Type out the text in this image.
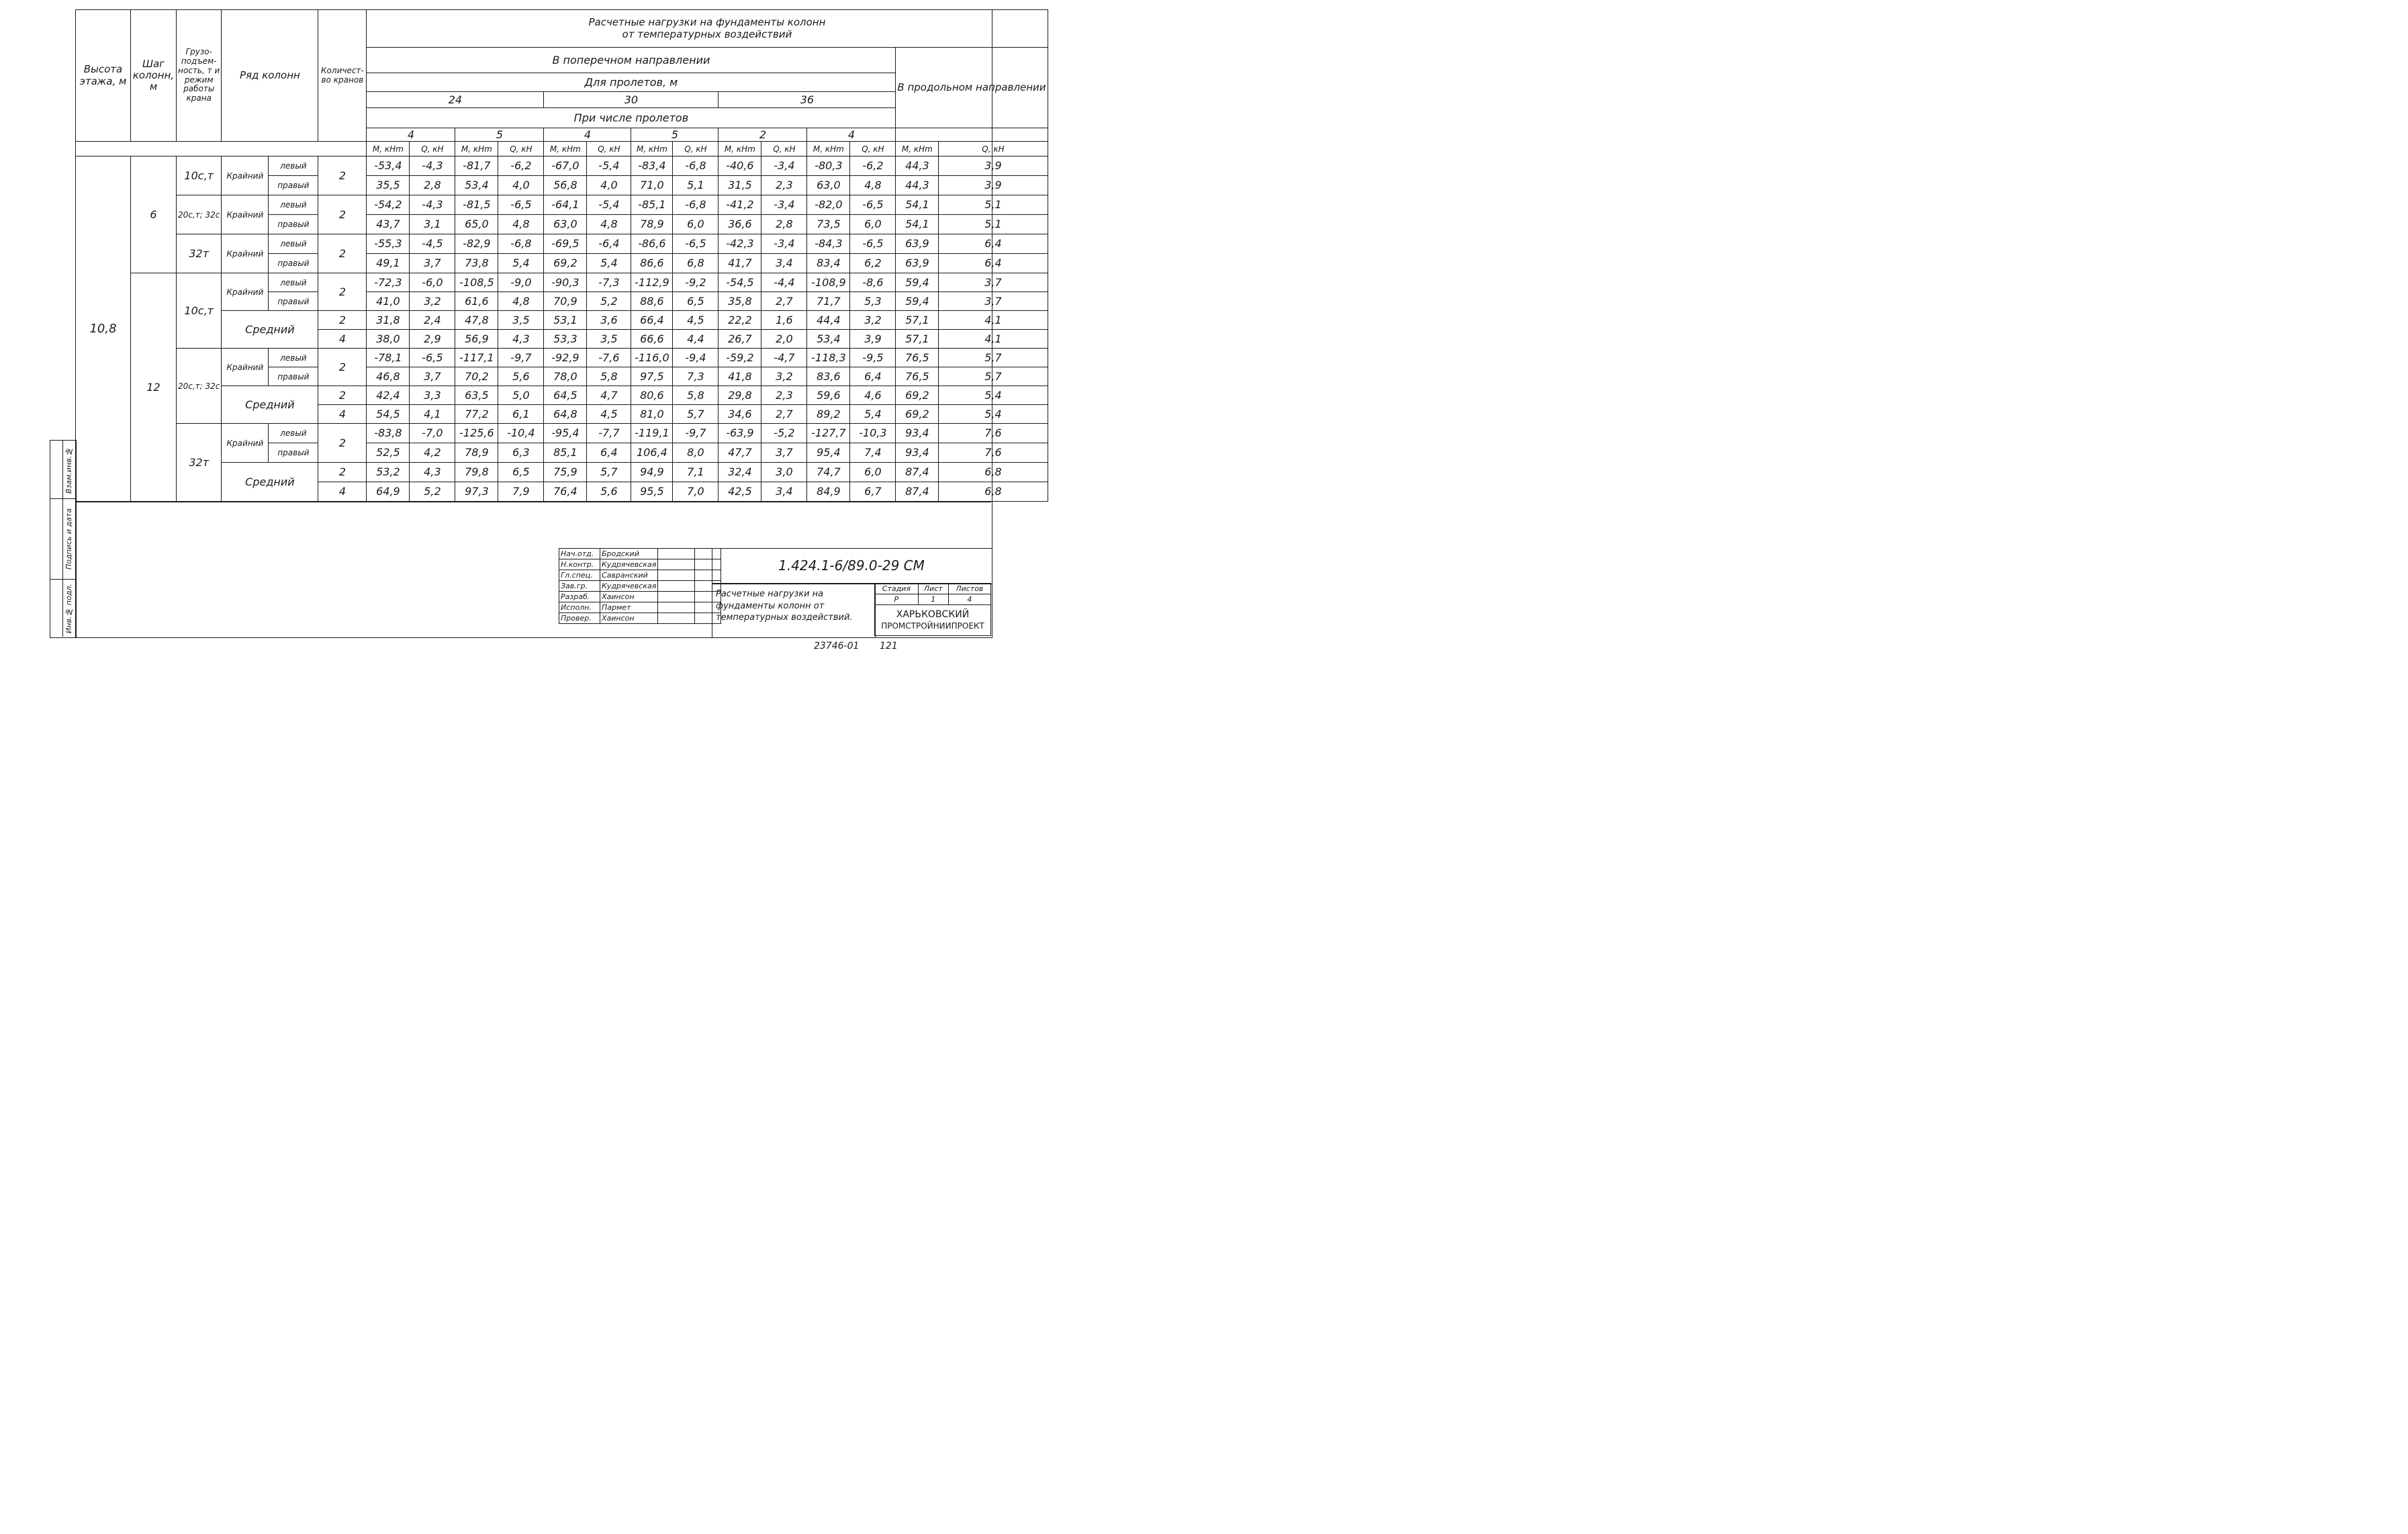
Взам.инв.№
Подпись и дата
Инв.№ подл.
Высота этажа, м	Шаг колонн, м	Грузо-подъем-ность, т и режим работы крана	Ряд колонн		Количест-во кранов	Расчетные нагрузки на фундаменты колонн
от температурных воздействий													

						В поперечном направлении												В продольном направлении	
						Для пролетов, м													
						24				30				36					
						При числе пролетов													
						4		5		4		5		2		4			
						M, кHm	Q, кН	M, кHm	Q, кН	M, кHm	Q, кН	M, кHm	Q, кН	M, кHm	Q, кН	M, кHm	Q, кН	M, кHm	Q, кН
10,8	6	10с,т	Крайний	левый	2	-53,4	-4,3	-81,7	-6,2	-67,0	-5,4	-83,4	-6,8	-40,6	-3,4	-80,3	-6,2	44,3	3,9
				правый		35,5	2,8	53,4	4,0	56,8	4,0	71,0	5,1	31,5	2,3	63,0	4,8	44,3	3,9
		20с,т; 32с	Крайний	левый	2	-54,2	-4,3	-81,5	-6,5	-64,1	-5,4	-85,1	-6,8	-41,2	-3,4	-82,0	-6,5	54,1	5,1
				правый		43,7	3,1	65,0	4,8	63,0	4,8	78,9	6,0	36,6	2,8	73,5	6,0	54,1	5,1
		32т	Крайний	левый	2	-55,3	-4,5	-82,9	-6,8	-69,5	-6,4	-86,6	-6,5	-42,3	-3,4	-84,3	-6,5	63,9	6,4
				правый		49,1	3,7	73,8	5,4	69,2	5,4	86,6	6,8	41,7	3,4	83,4	6,2	63,9	6,4
	12	10с,т	Крайний	левый	2	-72,3	-6,0	-108,5	-9,0	-90,3	-7,3	-112,9	-9,2	-54,5	-4,4	-108,9	-8,6	59,4	3,7
				правый		41,0	3,2	61,6	4,8	70,9	5,2	88,6	6,5	35,8	2,7	71,7	5,3	59,4	3,7
			Средний		2	31,8	2,4	47,8	3,5	53,1	3,6	66,4	4,5	22,2	1,6	44,4	3,2	57,1	4,1
					4	38,0	2,9	56,9	4,3	53,3	3,5	66,6	4,4	26,7	2,0	53,4	3,9	57,1	4,1
		20с,т; 32с	Крайний	левый	2	-78,1	-6,5	-117,1	-9,7	-92,9	-7,6	-116,0	-9,4	-59,2	-4,7	-118,3	-9,5	76,5	5,7
				правый		46,8	3,7	70,2	5,6	78,0	5,8	97,5	7,3	41,8	3,2	83,6	6,4	76,5	5,7
			Средний		2	42,4	3,3	63,5	5,0	64,5	4,7	80,6	5,8	29,8	2,3	59,6	4,6	69,2	5,4
					4	54,5	4,1	77,2	6,1	64,8	4,5	81,0	5,7	34,6	2,7	89,2	5,4	69,2	5,4
		32т	Крайний	левый	2	-83,8	-7,0	-125,6	-10,4	-95,4	-7,7	-119,1	-9,7	-63,9	-5,2	-127,7	-10,3	93,4	7,6
				правый		52,5	4,2	78,9	6,3	85,1	6,4	106,4	8,0	47,7	3,7	95,4	7,4	93,4	7,6
			Средний		2	53,2	4,3	79,8	6,5	75,9	5,7	94,9	7,1	32,4	3,0	74,7	6,0	87,4	6,8
					4	64,9	5,2	97,3	7,9	76,4	5,6	95,5	7,0	42,5	3,4	84,9	6,7	87,4	6,8
Нач.отд.	Бродский		
Н.контр.	Кудрячевская		
Гл.спец.	Савранский		
Зав.гр.	Кудрячевская		
Разраб.	Хаинсон		
Исполн.	Пармет		
Провер.	Хаинсон		
1.424.1-6/89.0-29 СМ
Расчетные нагрузки на фундаменты колонн от температурных воздействий.
Стадия	Лист	Листов
Р	1	4

ХАРЬКОВСКИЙ
ПРОМСТРОЙНИИПРОЕКТ		
23746-01 121
